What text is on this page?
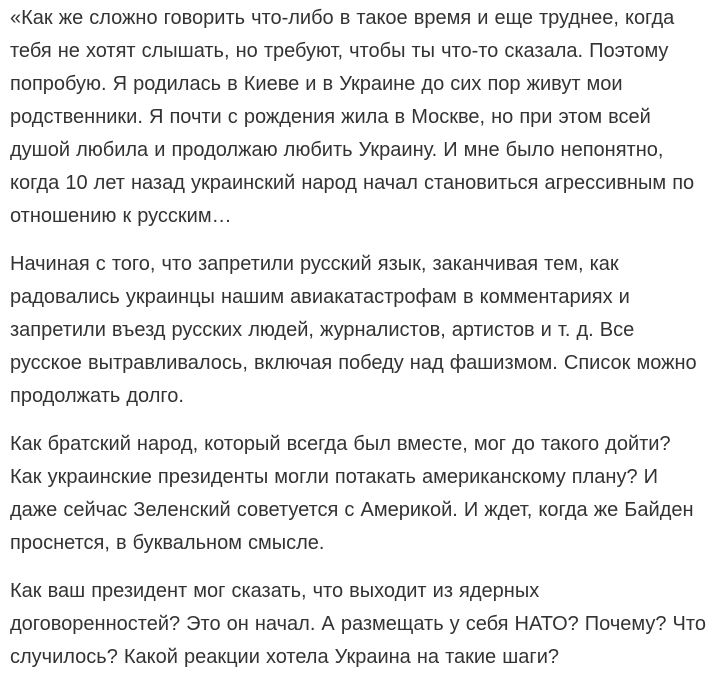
«Как же сложно говорить что-либо в такое время и еще труднее, когда тебя не хотят слышать, но требуют, чтобы ты что-то сказала. Поэтому попробую. Я родилась в Киеве и в Украине до сих пор живут мои родственники. Я почти с рождения жила в Москве, но при этом всей душой любила и продолжаю любить Украину. И мне было непонятно, когда 10 лет назад украинский народ начал становиться агрессивным по отношению к русским…

Начиная с того, что запретили русский язык, заканчивая тем, как радовались украинцы нашим авиакатастрофам в комментариях и запретили въезд русских людей, журналистов, артистов и т. д. Все русское вытравливалось, включая победу над фашизмом. Список можно продолжать долго.

Как братский народ, который всегда был вместе, мог до такого дойти? Как украинские президенты могли потакать американскому плану? И даже сейчас Зеленский советуется с Америкой. И ждет, когда же Байден проснется, в буквальном смысле.

Как ваш президент мог сказать, что выходит из ядерных договоренностей? Это он начал. А размещать у себя НАТО? Почему? Что случилось? Какой реакции хотела Украина на такие шаги?
